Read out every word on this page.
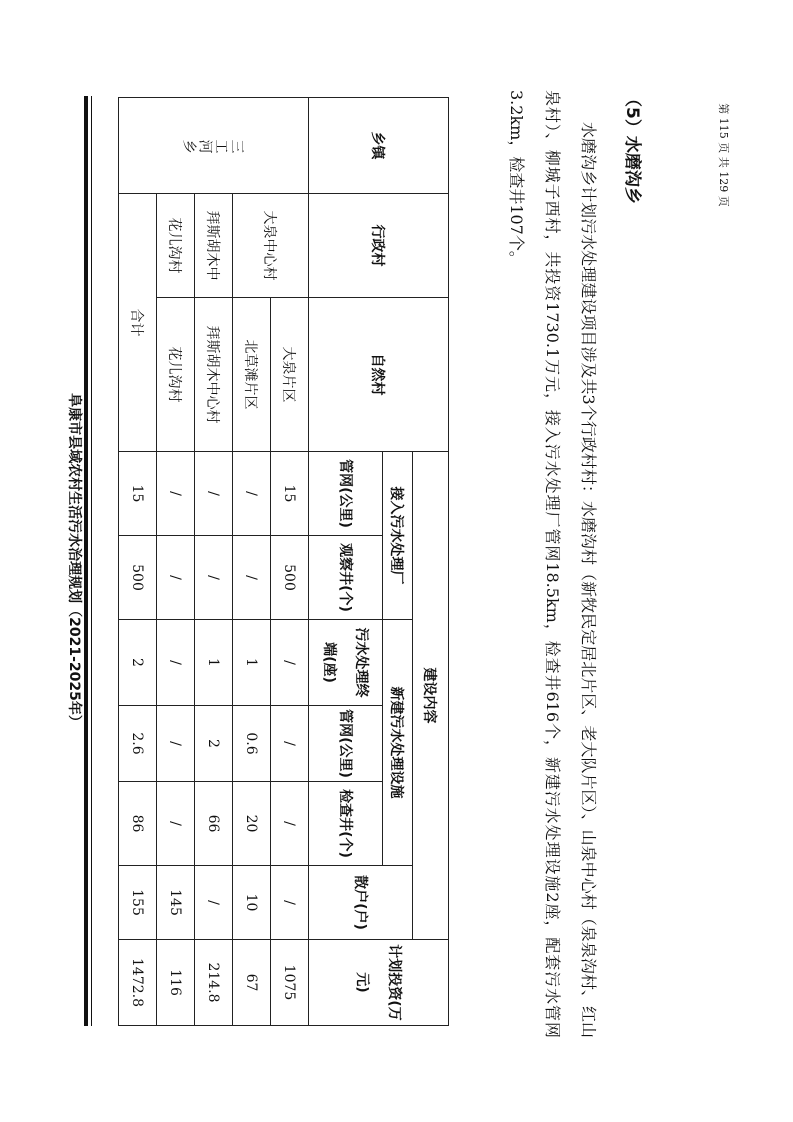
阜康市县域农村生活污水治理规划（2021-2025年）
乡镇	行政村	自然村	建设内容						计划投资(万元)
			接入污水处理厂		新建污水处理设施			散户(户)	
			管网(公里)	观察井(个)	污水处理终端(座)	管网(公里)	检查井(个)		

三工河乡	大泉中心村	大泉片区	15	500	/	/	/	/	1075
		北草滩片区	/	/	1	0.6	20	10	67
	拜斯胡木中	拜斯胡木中心村	/	/	1	2	66	/	214.8
	花儿沟村	花儿沟村	/	/	/	/	/	145	116
	合计		15	500	2	2.6	86	155	1472.8
（5）水磨沟乡

水磨沟乡计划污水处理建设项目涉及共3个行政村村：水磨沟村（新牧民定居北片区、老大队片区）、山泉中心村（泉泉沟村、红山泉村）、柳城子西村，共投资1730.1万元，接入污水处理厂管网18.5km，检查井616个，新建污水处理设施2座，配套污水管网3.2km，检查井107个。	第 115 页 共 129 页
